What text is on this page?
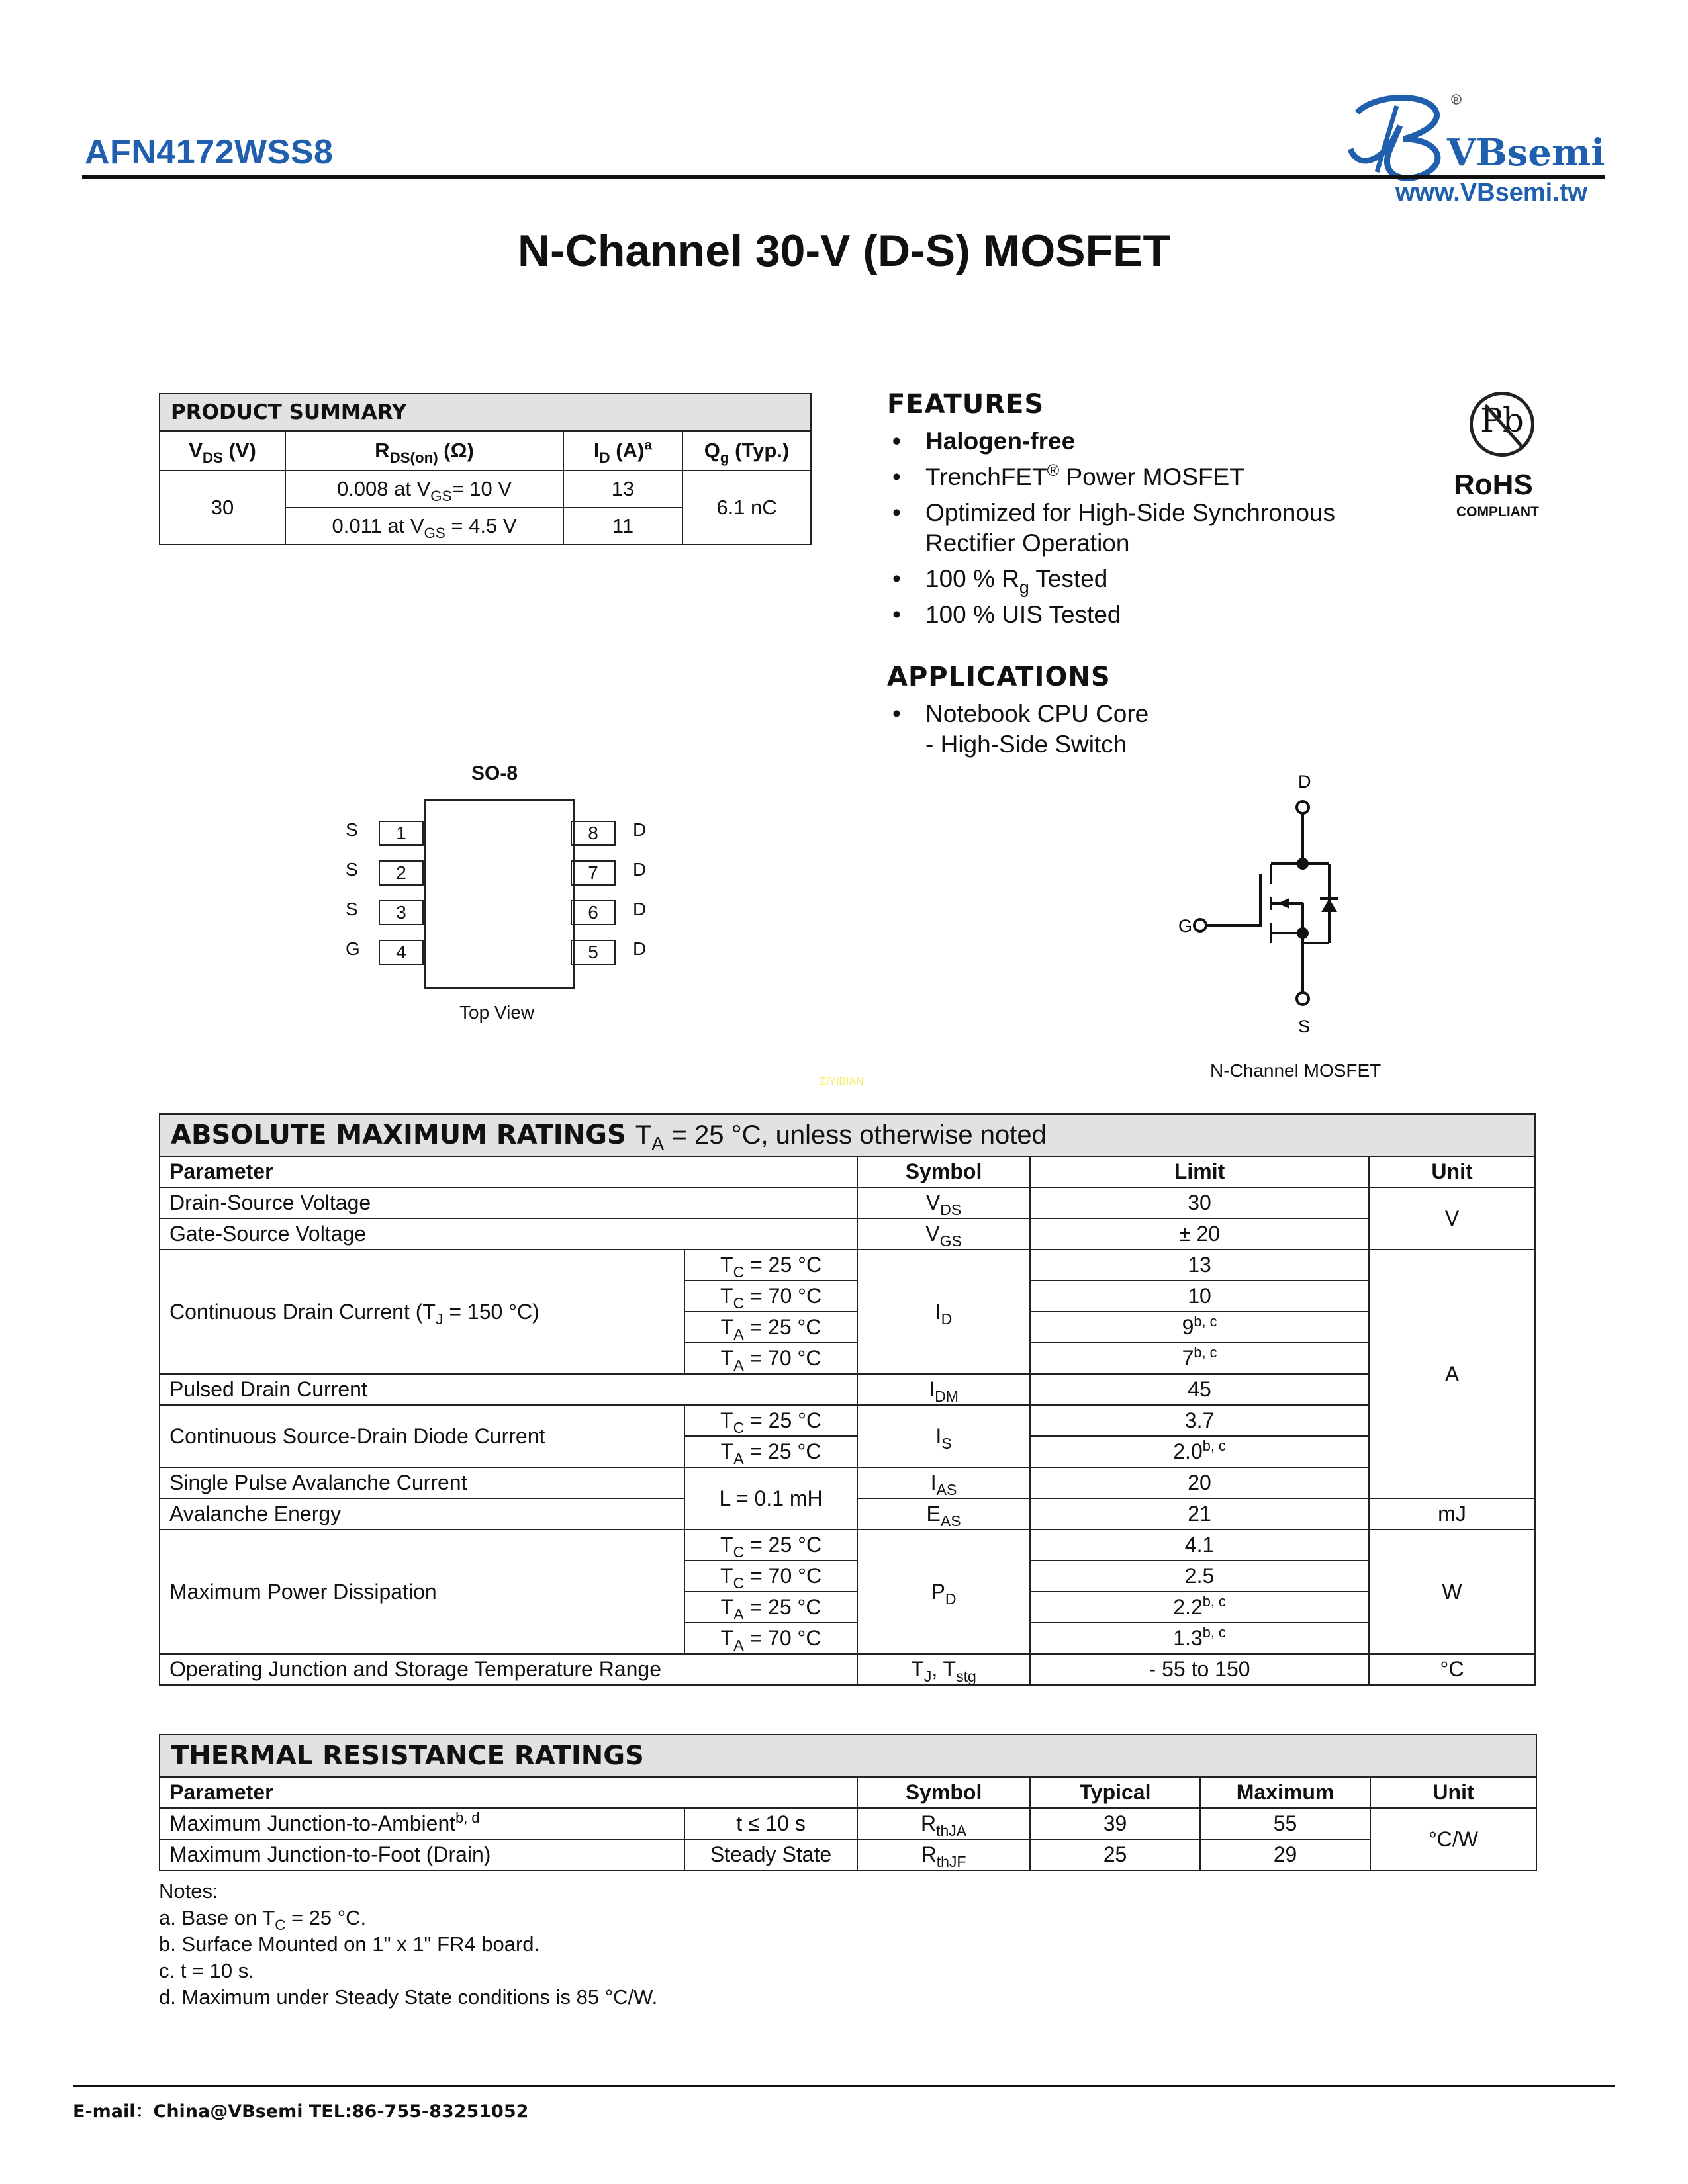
AFN4172WSS8	VBsemi
R
www.VBsemi.tw
N-Channel 30-V (D-S) MOSFET
PRODUCT SUMMARY			
$V_{DS}$ (V)	$R_{DS(on)}$ (Ω)	$I_D$ $(A)^a$	$Q_g$ (Typ.)
30	0.008 at $V_{GS}= 10$ V	13	6.1 nC
	0.011 at $V_{GS} = 4.5$ V	11	
FEATURES
• Halogen-free
• TrenchFET® Power MOSFET
• Optimized for High-Side Synchronous
Rectifier Operation
• 100 % $R_g$ Tested
• 100 % UIS Tested
Pb
RoHS
COMPLIANT
APPLICATIONS
• Notebook CPU Core
- High-Side Switch
SO-8
S
S
S
G
1
2
3
4
8
7
6
5
D
D
D
D
Top View
D
G
S
N-Channel MOSFET
ZIYIBIAN
ABSOLUTE MAXIMUM RATINGS $T_A = 25$ °C, unless otherwise noted				
Parameter		Symbol	Limit	Unit
Drain-Source Voltage		$V_{DS}$	30	V
Gate-Source Voltage		$V_{GS}$	± 20	
Continuous Drain Current ($T_J = 150$ °C)	$T_C = 25$ °C	$I_D$	13	A
	$T_C = 70$ °C		10	
	$T_A = 25$ °C		9$^{b, c}$
	$T_A = 70$ °C		7$^{b, c}$
Pulsed Drain Current		$I_{DM}$	45	
Continuous Source-Drain Diode Current	$T_C = 25$ °C	$I_S$	3.7	
	$T_A = 25$ °C		2.0$^{b, c}$
Single Pulse Avalanche Current	L = 0.1 mH	$I_{AS}$	20	
Avalanche Energy		$E_{AS}$	21	mJ
Maximum Power Dissipation	$T_C = 25$ °C	$P_D$	4.1	W
	$T_C = 70$ °C		2.5	
	$T_A = 25$ °C		2.2$^{b, c}$
	$T_A = 70$ °C		1.3$^{b, c}$
Operating Junction and Storage Temperature Range		$T_J$, $T_{stg}$	- 55 to 150	°C
THERMAL RESISTANCE RATINGS					
Parameter		Symbol	Typical	Maximum	Unit
Maximum Junction-to-Ambient$^{b, d}$	t ≤ 10 s	$R_{thJA}$	39	55	°C/W
Maximum Junction-to-Foot (Drain)	Steady State	$R_{thJF}$	25	29	
Notes:
a. Base on $T_C = 25$ °C.
b. Surface Mounted on 1" x 1" FR4 board.
c. t = 10 s.
d. Maximum under Steady State conditions is 85 °C/W.
E-mail：China@VBsemi TEL:86-755-83251052
